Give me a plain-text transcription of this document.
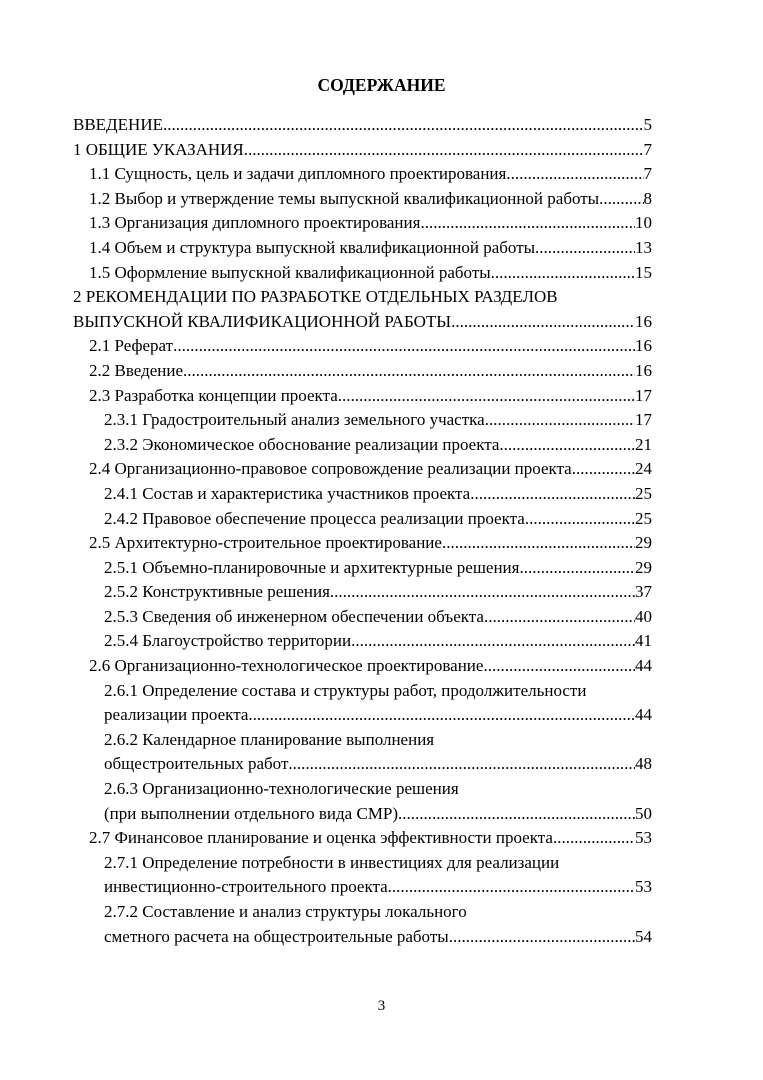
СОДЕРЖАНИЕ
ВВЕДЕНИЕ .....	5
1 ОБЩИЕ УКАЗАНИЯ .....	7
1.1 Сущность, цель и задачи дипломного проектирования .....	7
1.2 Выбор и утверждение темы выпускной квалификационной работы .....	8
1.3 Организация дипломного проектирования .....	10
1.4 Объем и структура выпускной квалификационной работы .....	13
1.5 Оформление выпускной квалификационной работы .....	15
2 РЕКОМЕНДАЦИИ ПО РАЗРАБОТКЕ ОТДЕЛЬНЫХ РАЗДЕЛОВ
ВЫПУСКНОЙ КВАЛИФИКАЦИОННОЙ РАБОТЫ .....	16
2.1 Реферат .....	16
2.2 Введение .....	16
2.3 Разработка концепции проекта .....	17
2.3.1 Градостроительный анализ земельного участка .....	17
2.3.2 Экономическое обоснование реализации проекта .....	21
2.4 Организационно-правовое сопровождение реализации проекта .....	24
2.4.1 Состав и характеристика участников проекта .....	25
2.4.2 Правовое обеспечение процесса реализации проекта .....	25
2.5 Архитектурно-строительное проектирование .....	29
2.5.1 Объемно-планировочные и архитектурные решения .....	29
2.5.2 Конструктивные решения .....	37
2.5.3 Сведения об инженерном обеспечении объекта .....	40
2.5.4 Благоустройство территории .....	41
2.6 Организационно-технологическое проектирование .....	44
2.6.1 Определение состава и структуры работ, продолжительности
реализации проекта .....	44
2.6.2 Календарное планирование выполнения
общестроительных работ .....	48
2.6.3 Организационно-технологические решения
(при выполнении отдельного вида СМР) .....	50
2.7 Финансовое планирование и оценка эффективности проекта .....	53
2.7.1 Определение потребности в инвестициях для реализации
инвестиционно-строительного проекта .....	53
2.7.2 Составление и анализ структуры локального
сметного расчета на общестроительные работы .....	54
3
